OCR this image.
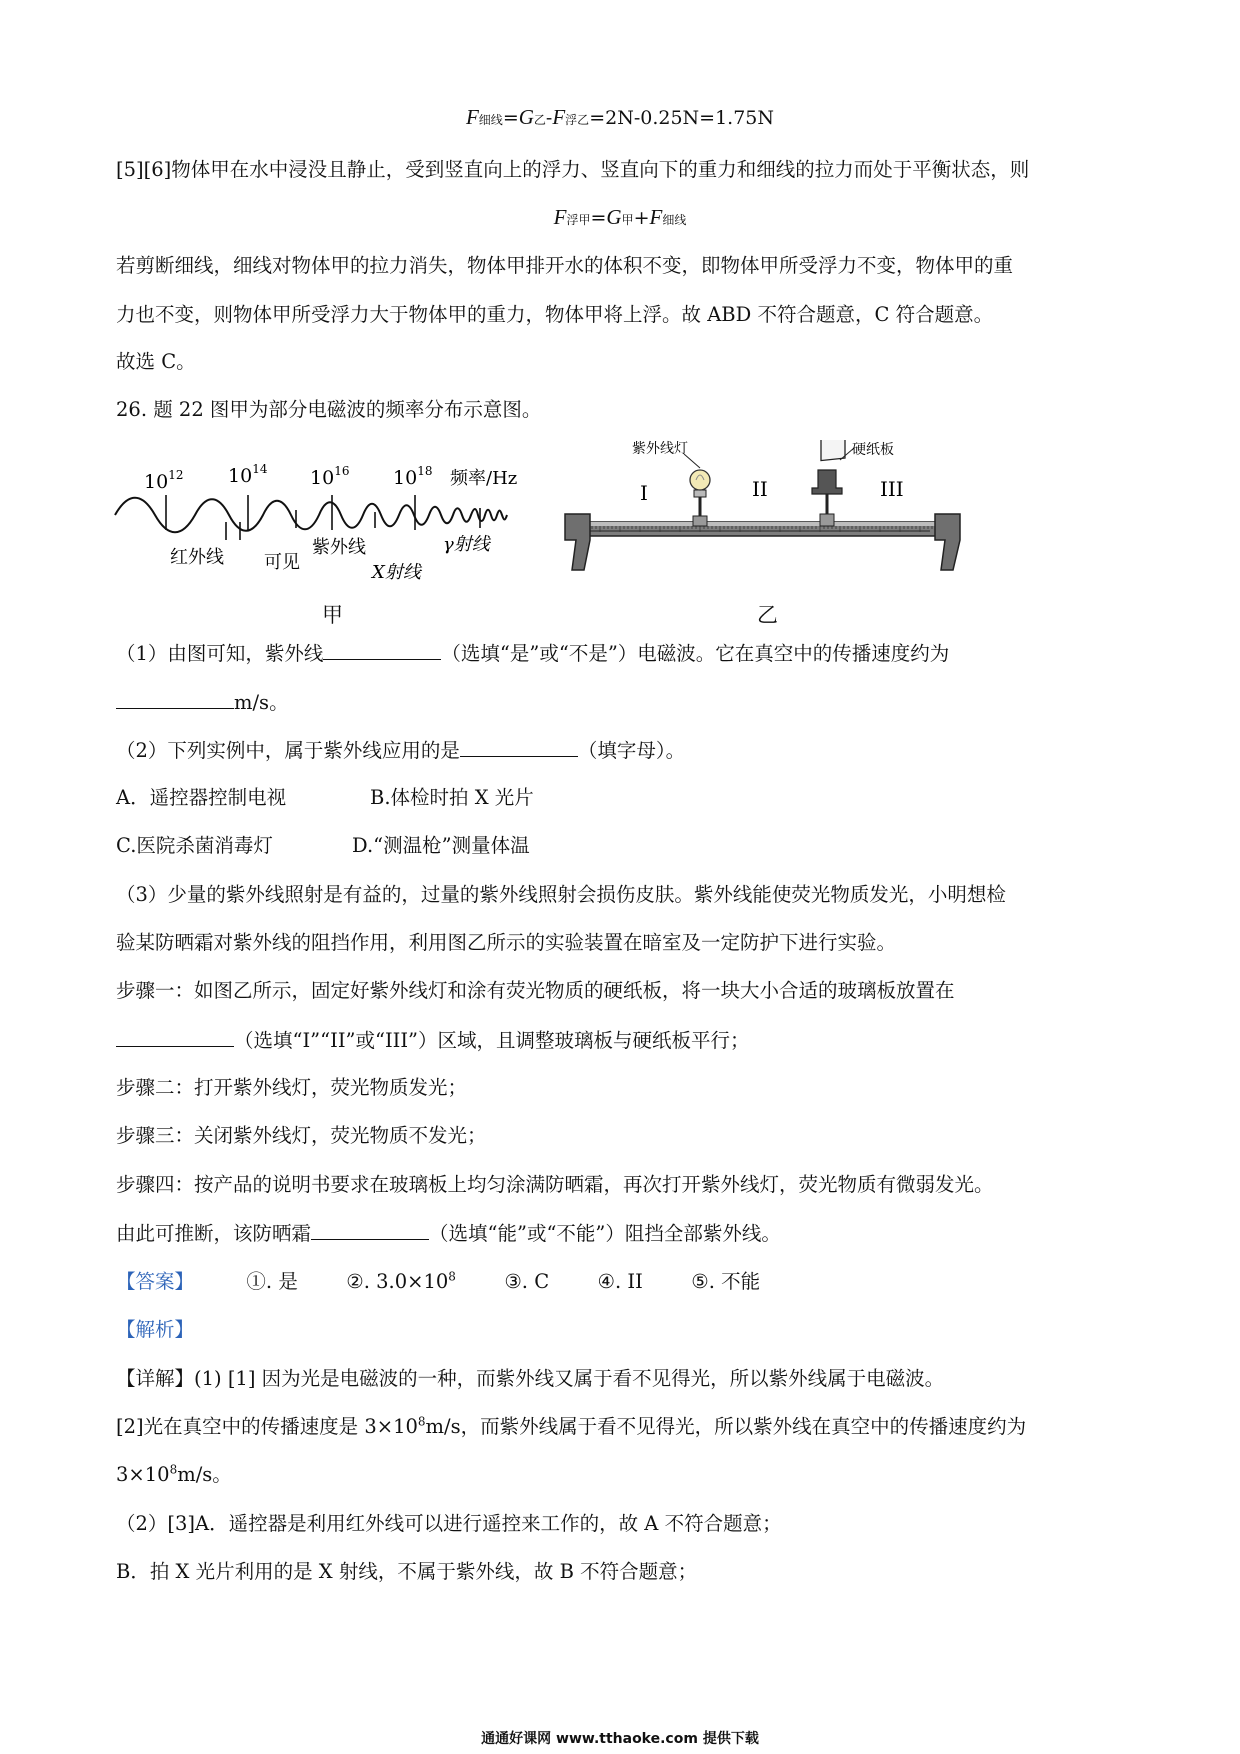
F细线=G乙-F浮乙=2N-0.25N=1.75N
[5][6]物体甲在水中浸没且静止，受到竖直向上的浮力、竖直向下的重力和细线的拉力而处于平衡状态，则
F浮甲=G甲+F细线
若剪断细线，细线对物体甲的拉力消失，物体甲排开水的体积不变，即物体甲所受浮力不变，物体甲的重
力也不变，则物体甲所受浮力大于物体甲的重力，物体甲将上浮。故 ABD 不符合题意，C 符合题意。
故选 C。
26. 题 22 图甲为部分电磁波的频率分布示意图。
$10^{12}$ $10^{14}$ $10^{16}$ $10^{18}$ 频率/Hz
红外线 可见
紫外线
X射线
γ射线
甲
紫外线灯	硬纸板
I	II	III
乙
（1）由图可知，紫外线	（选填“是”或“不是”）电磁波。它在真空中的传播速度约为
m/s。
（2）下列实例中，属于紫外线应用的是	（填字母）。
A．遥控器控制电视	B.体检时拍 X 光片
C.医院杀菌消毒灯	D.“测温枪”测量体温
（3）少量的紫外线照射是有益的，过量的紫外线照射会损伤皮肤。紫外线能使荧光物质发光，小明想检
验某防晒霜对紫外线的阻挡作用，利用图乙所示的实验装置在暗室及一定防护下进行实验。
步骤一：如图乙所示，固定好紫外线灯和涂有荧光物质的硬纸板，将一块大小合适的玻璃板放置在
（选填“I”“II”或“III”）区域，且调整玻璃板与硬纸板平行；
步骤二：打开紫外线灯，荧光物质发光；
步骤三：关闭紫外线灯，荧光物质不发光；
步骤四：按产品的说明书要求在玻璃板上均匀涂满防晒霜，再次打开紫外线灯，荧光物质有微弱发光。
由此可推断，该防晒霜	（选填“能”或“不能”）阻挡全部紫外线。
【答案】	①. 是 ②. $3.0\times 10^8$ ③. C ④. II ⑤. 不能
【解析】
【详解】(1) [1] 因为光是电磁波的一种，而紫外线又属于看不见得光，所以紫外线属于电磁波。
[2]光在真空中的传播速度是 $3\times 10^8m/s$，而紫外线属于看不见得光，所以紫外线在真空中的传播速度约为
$3\times 10^8m/s$。
（2）[3]A．遥控器是利用红外线可以进行遥控来工作的，故 A 不符合题意；
B．拍 X 光片利用的是 X 射线，不属于紫外线，故 B 不符合题意；
通通好课网 www.tthaoke.com 提供下载
